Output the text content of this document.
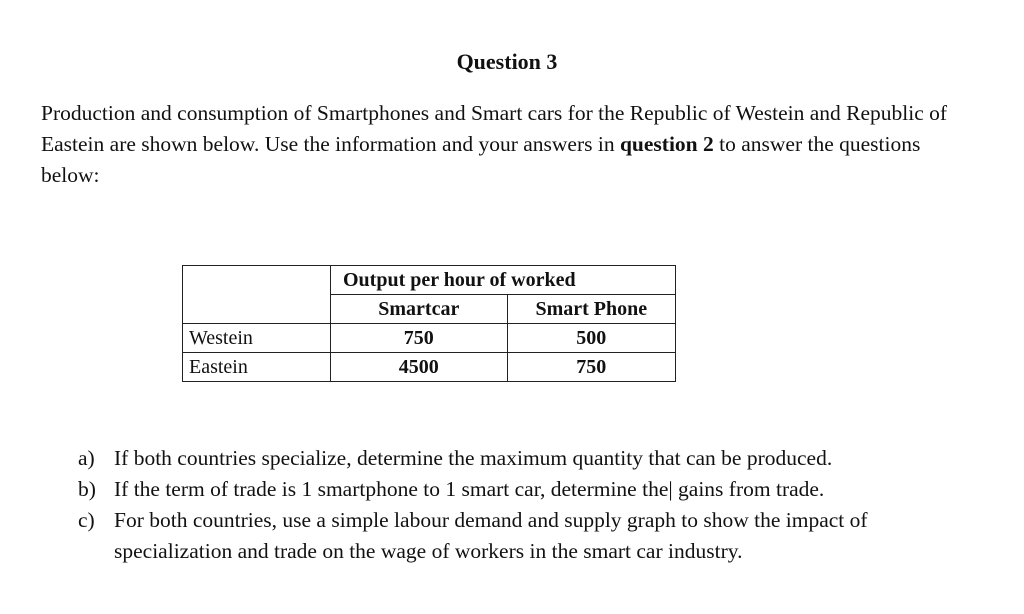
Question 3

Production and consumption of Smartphones and Smart cars for the Republic of Westein and Republic of Eastein are shown below. Use the information and your answers in question 2 to answer the questions below:

	Output per hour of worked	
	Smartcar	Smart Phone
Westein	750	500
Eastein	4500	750
a) If both countries specialize, determine the maximum quantity that can be produced.
b) If the term of trade is 1 smartphone to 1 smart car, determine the| gains from trade.
c) For both countries, use a simple labour demand and supply graph to show the impact of specialization and trade on the wage of workers in the smart car industry.
